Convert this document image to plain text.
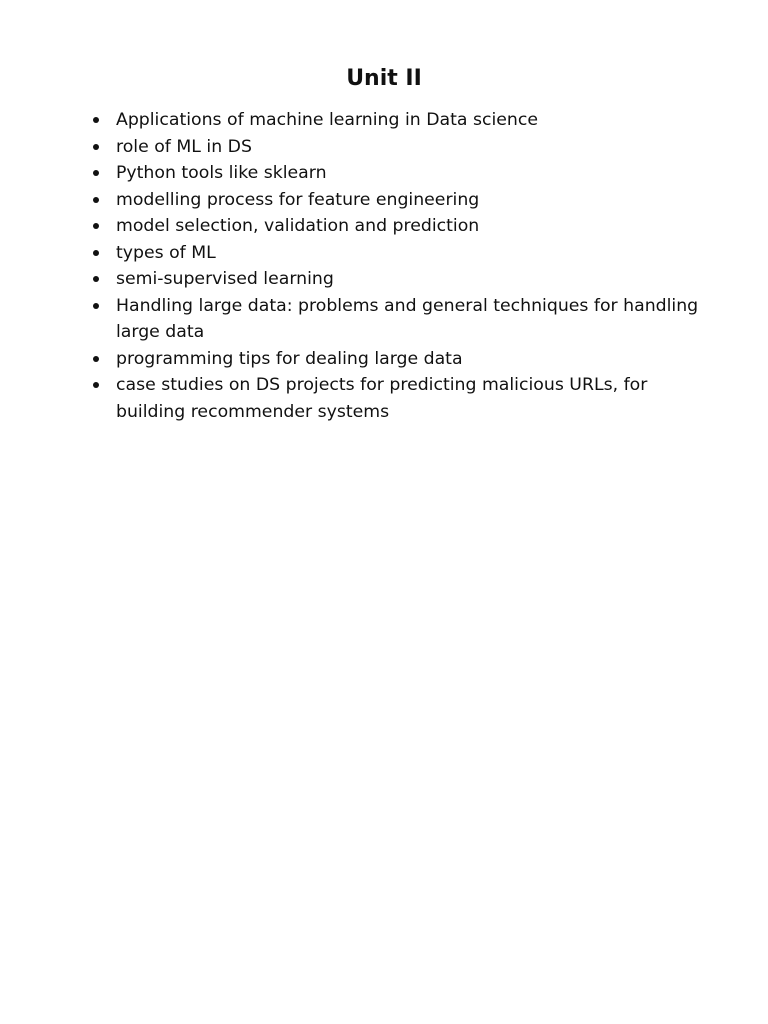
Unit II
Applications of machine learning in Data science
role of ML in DS
Python tools like sklearn
modelling process for feature engineering
model selection, validation and prediction
types of ML
semi-supervised learning
Handling large data: problems and general techniques for handling large data
programming tips for dealing large data
case studies on DS projects for predicting malicious URLs, for building recommender systems
